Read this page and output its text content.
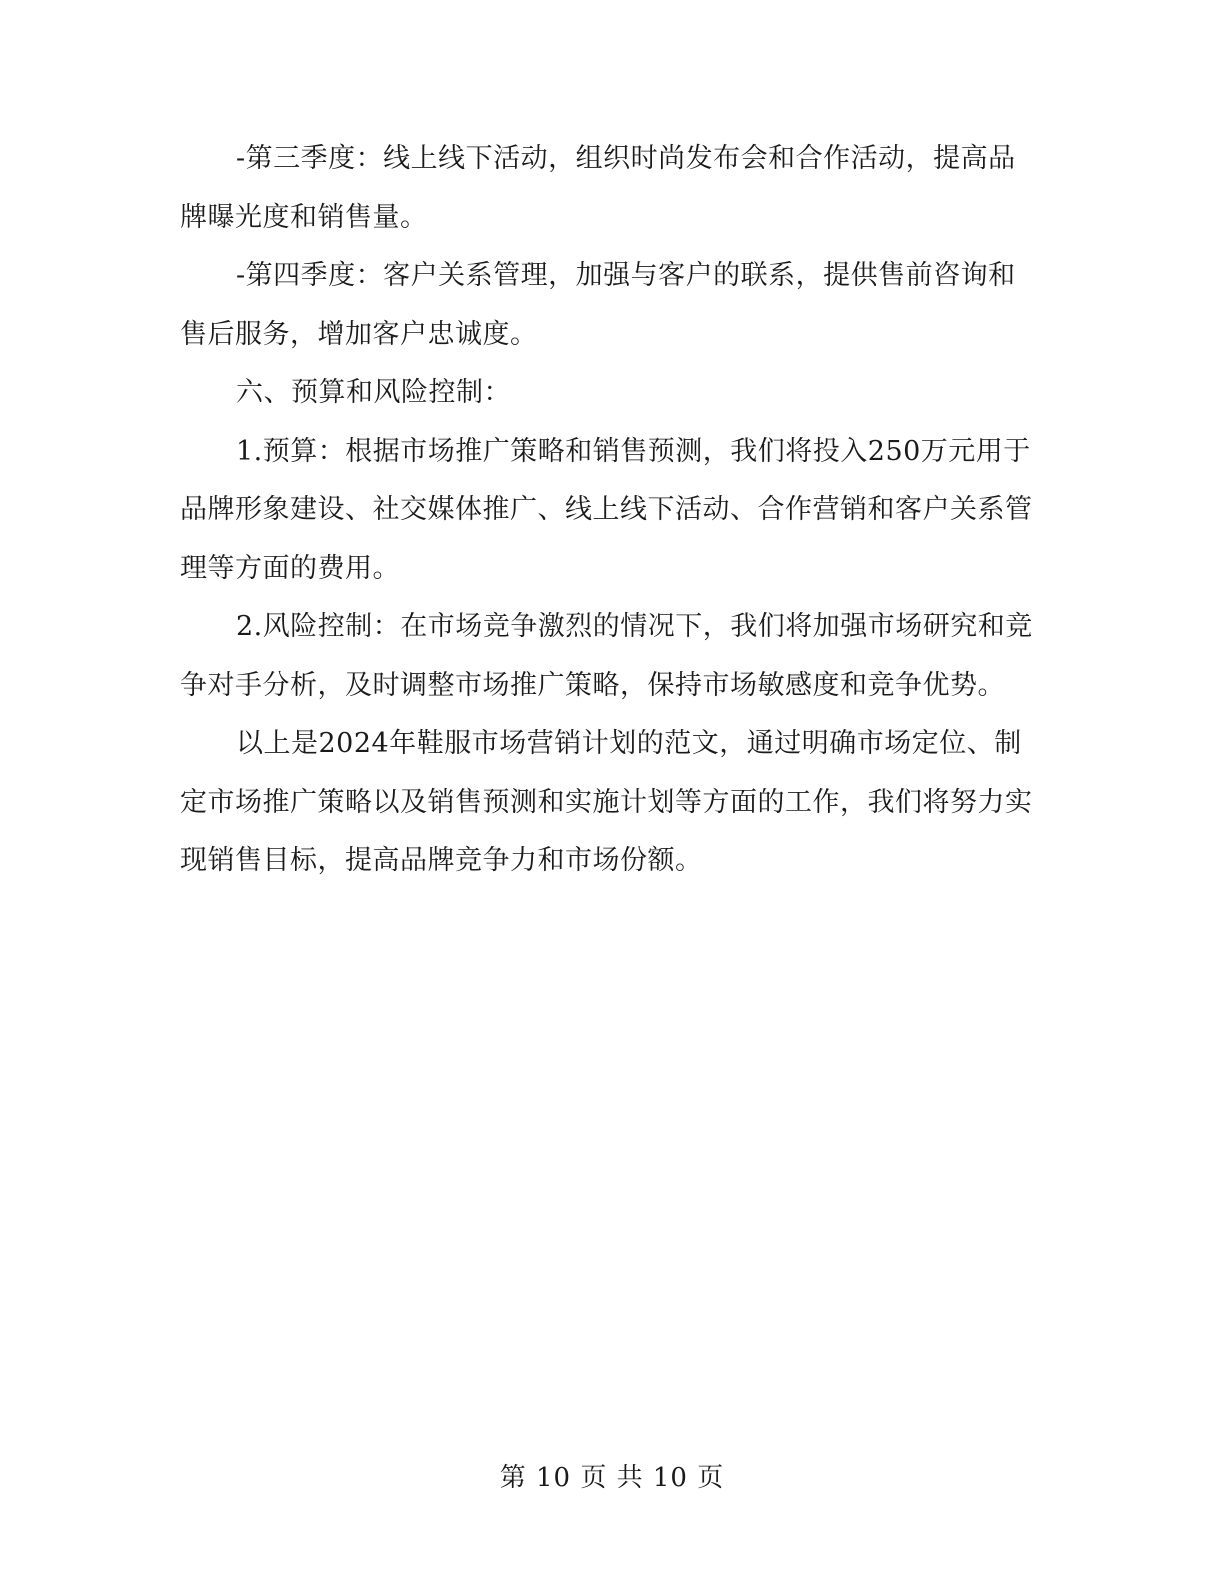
-第三季度：线上线下活动，组织时尚发布会和合作活动，提高品牌曝光度和销售量。

-第四季度：客户关系管理，加强与客户的联系，提供售前咨询和售后服务，增加客户忠诚度。

六、预算和风险控制：

1.预算：根据市场推广策略和销售预测，我们将投入250万元用于品牌形象建设、社交媒体推广、线上线下活动、合作营销和客户关系管理等方面的费用。

2.风险控制：在市场竞争激烈的情况下，我们将加强市场研究和竞争对手分析，及时调整市场推广策略，保持市场敏感度和竞争优势。

以上是2024年鞋服市场营销计划的范文，通过明确市场定位、制定市场推广策略以及销售预测和实施计划等方面的工作，我们将努力实现销售目标，提高品牌竞争力和市场份额。

第 10 页 共 10 页
